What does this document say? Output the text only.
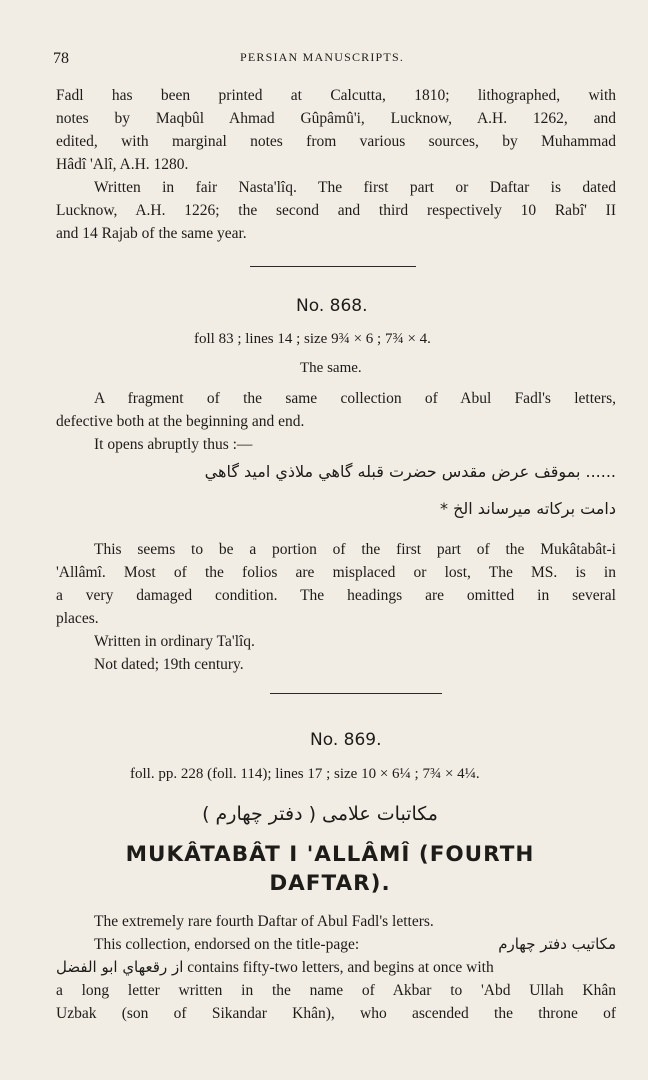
78	PERSIAN MANUSCRIPTS.
Fadl has been printed at Calcutta, 1810; lithographed, with
notes by Maqbûl Ahmad Gûpâmû'i, Lucknow, A.H. 1262, and
edited, with marginal notes from various sources, by Muhammad
Hâdî 'Alî, A.H. 1280.
Written in fair Nasta'lîq. The first part or Daftar is dated
Lucknow, A.H. 1226; the second and third respectively 10 Rabî' II
and 14 Rajab of the same year.
No. 868.
foll 83 ; lines 14 ; size 9¾ × 6 ; 7¾ × 4.
The same.
A fragment of the same collection of Abul Fadl's letters,
defective both at the beginning and end.
It opens abruptly thus :—
...... بموقف عرض مقدس حضرت قبله گاهي ملاذي اميد گاهي
دامت برکاته ميرساند الخ *
This seems to be a portion of the first part of the Mukâtabât-i
'Allâmî. Most of the folios are misplaced or lost, The MS. is in
a very damaged condition. The headings are omitted in several
places.
Written in ordinary Ta'lîq.
Not dated; 19th century.
No. 869.
foll. pp. 228 (foll. 114); lines 17 ; size 10 × 6¼ ; 7¾ × 4¼.
مکاتبات علامی ( دفتر چهارم )
MUKÂTABÂT I 'ALLÂMÎ (FOURTH
DAFTAR).
The extremely rare fourth Daftar of Abul Fadl's letters.
This collection, endorsed on the title-page:	مکاتیب دفتر چهارم
از رقعهاي ابو الفضل contains fifty-two letters, and begins at once with
a long letter written in the name of Akbar to 'Abd Ullah Khân
Uzbak (son of Sikandar Khân), who ascended the throne of
